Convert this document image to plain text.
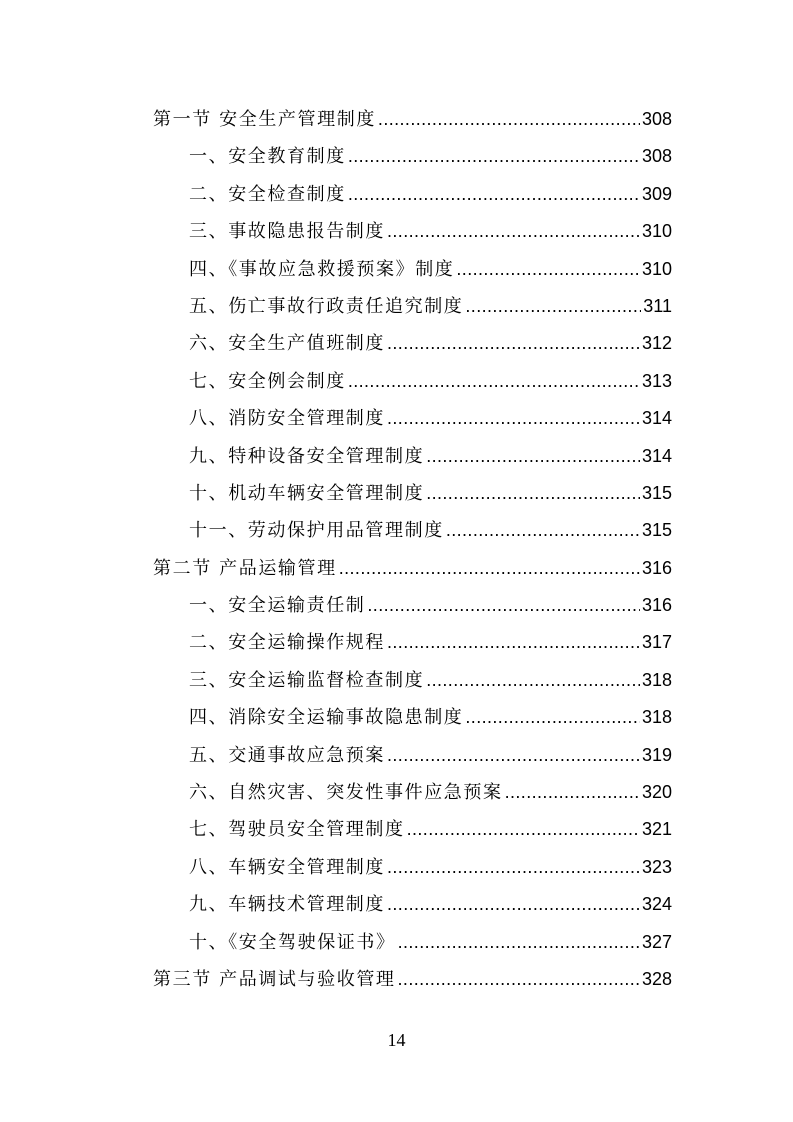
第一节 安全生产管理制度 .....	308
一、安全教育制度 .....	308
二、安全检查制度 .....	309
三、事故隐患报告制度 .....	310
四、《事故应急救援预案》制度 .....	310
五、伤亡事故行政责任追究制度 .....	311
六、安全生产值班制度 .....	312
七、安全例会制度 .....	313
八、消防安全管理制度 .....	314
九、特种设备安全管理制度 .....	314
十、机动车辆安全管理制度 .....	315
十一、劳动保护用品管理制度 .....	315
第二节 产品运输管理 .....	316
一、安全运输责任制 .....	316
二、安全运输操作规程 .....	317
三、安全运输监督检查制度 .....	318
四、消除安全运输事故隐患制度 .....	318
五、交通事故应急预案 .....	319
六、自然灾害、突发性事件应急预案 .....	320
七、驾驶员安全管理制度 .....	321
八、车辆安全管理制度 .....	323
九、车辆技术管理制度 .....	324
十、《安全驾驶保证书》 .....	327
第三节 产品调试与验收管理 .....	328
14
